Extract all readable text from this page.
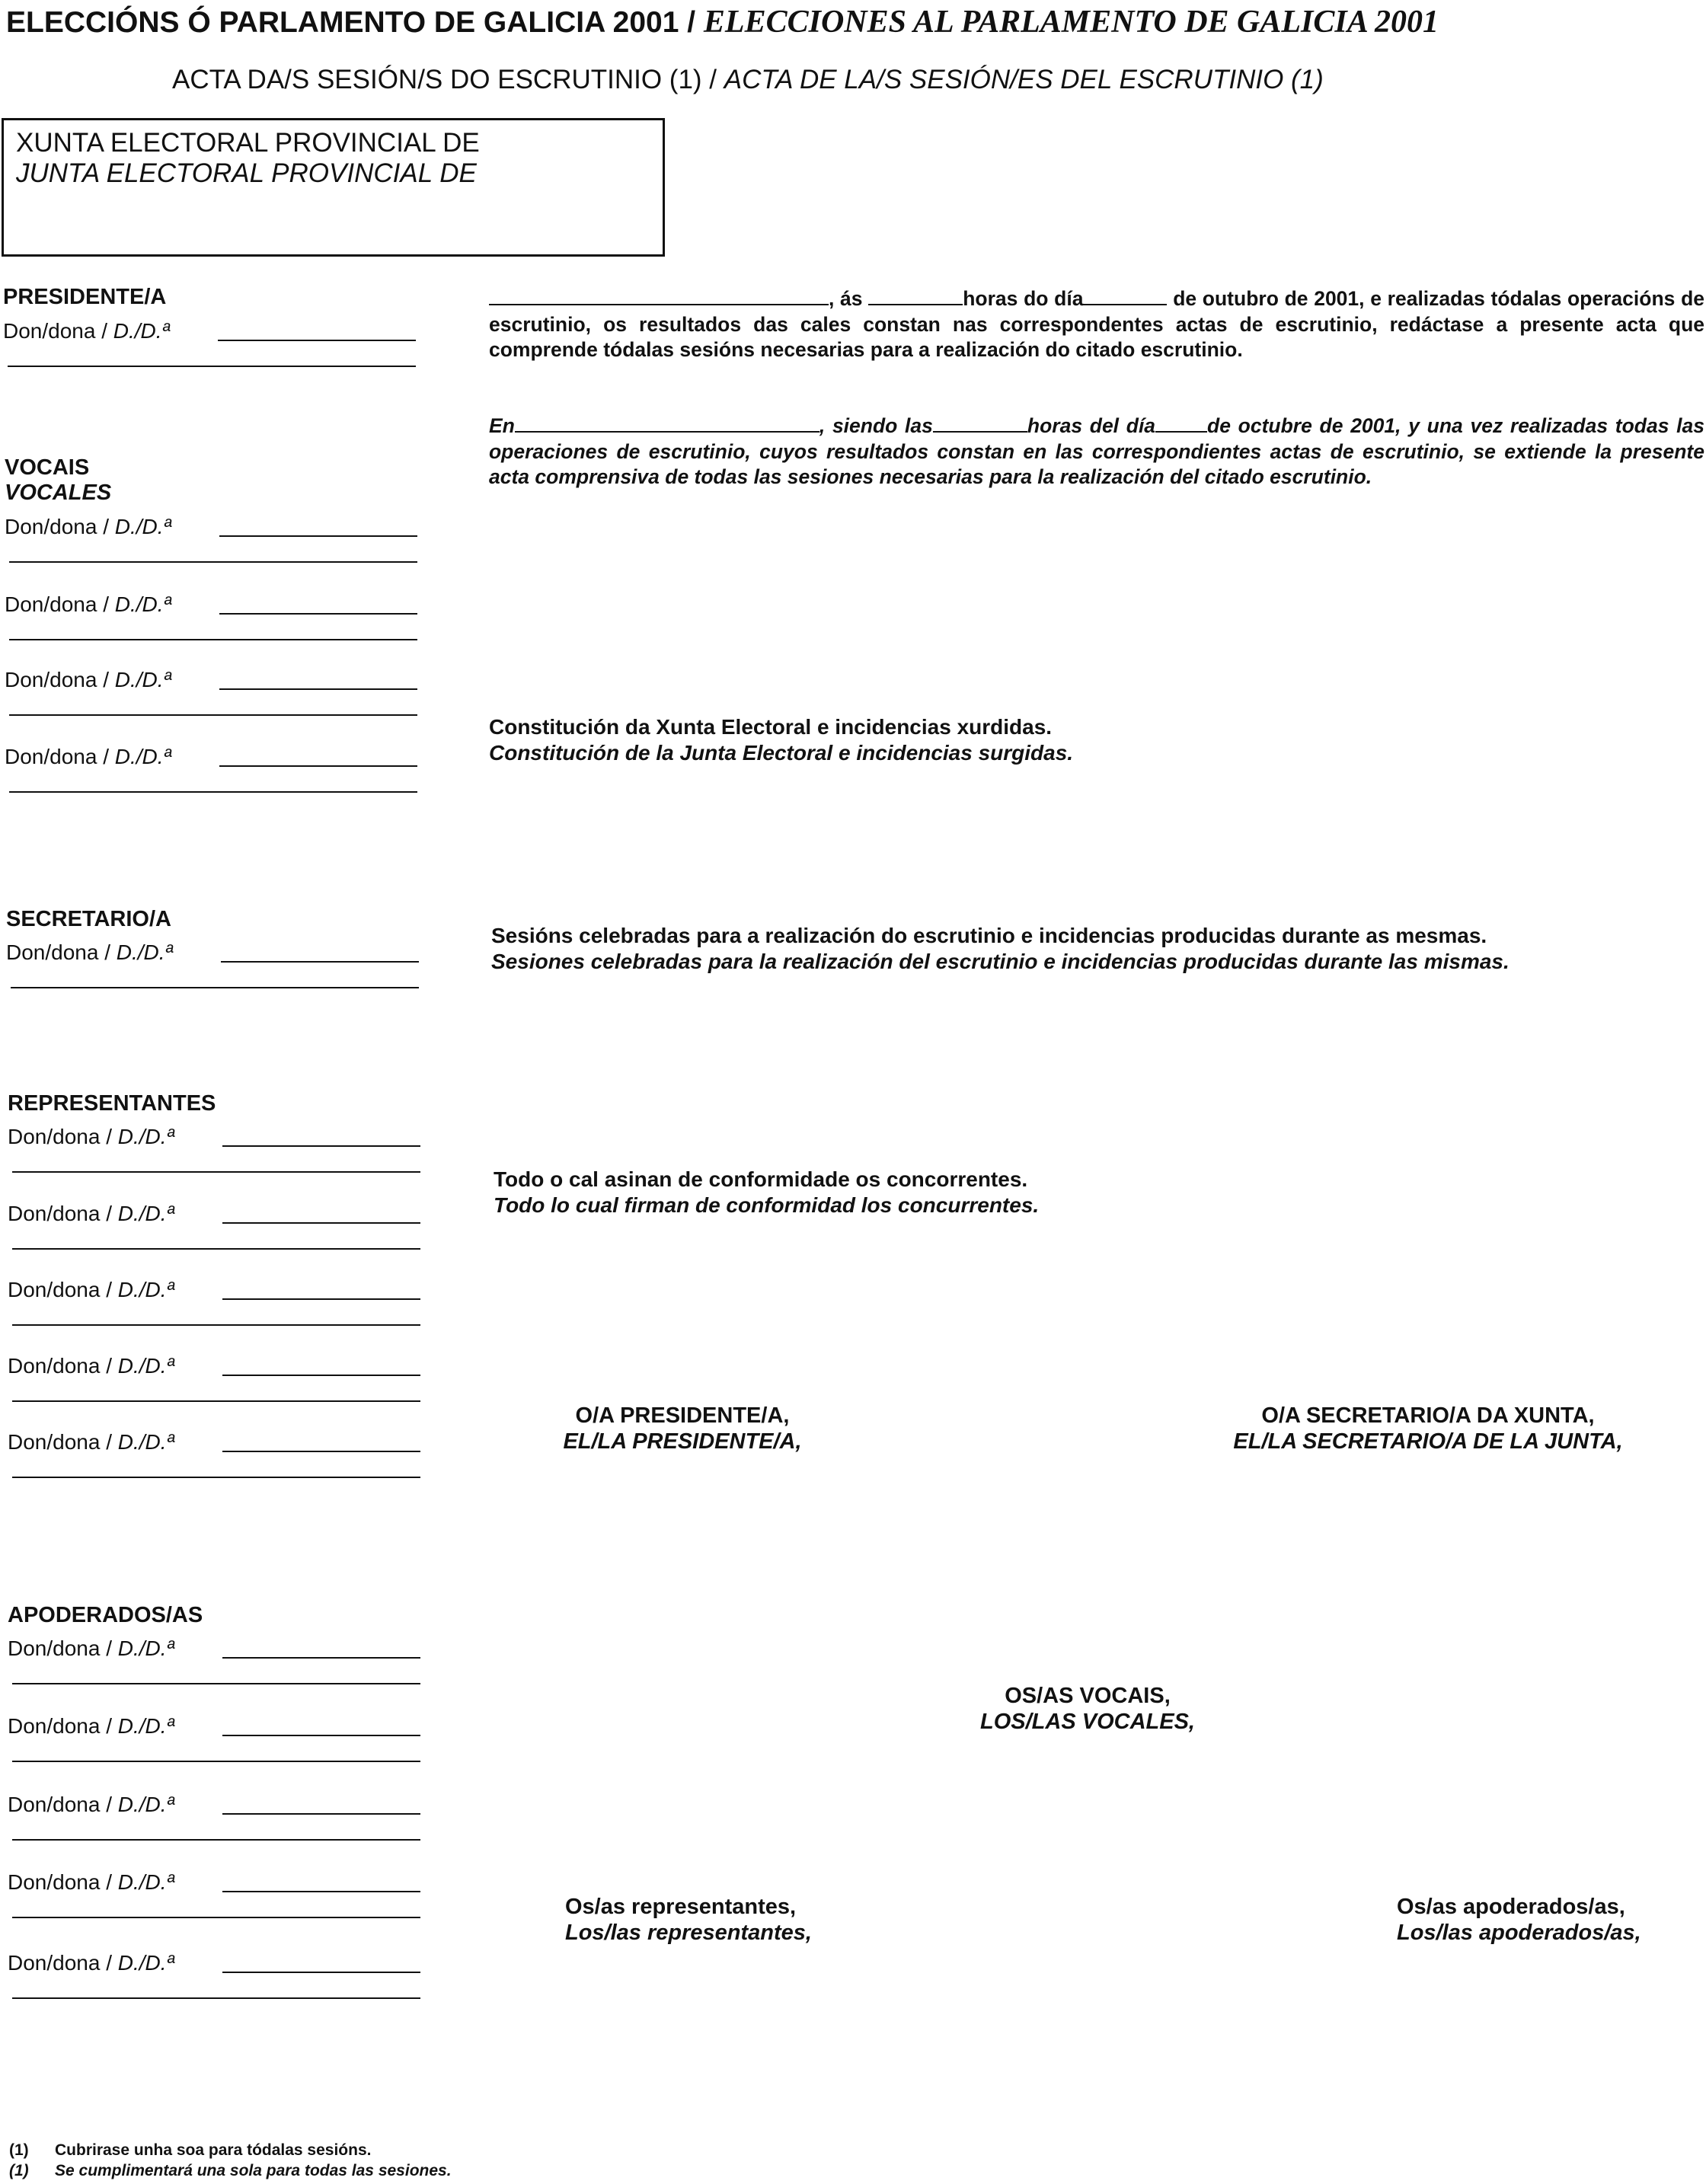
ELECCIÓNS Ó PARLAMENTO DE GALICIA 2001 / ELECCIONES AL PARLAMENTO DE GALICIA 2001
ACTA DA/S SESIÓN/S DO ESCRUTINIO (1) / ACTA DE LA/S SESIÓN/ES DEL ESCRUTINIO (1)
XUNTA ELECTORAL PROVINCIAL DE
JUNTA ELECTORAL PROVINCIAL DE
PRESIDENTE/A
Don/dona / D./D.ª
VOCAIS
VOCALES
Don/dona / D./D.ª
Don/dona / D./D.ª
Don/dona / D./D.ª
Don/dona / D./D.ª
SECRETARIO/A
Don/dona / D./D.ª
REPRESENTANTES
Don/dona / D./D.ª
Don/dona / D./D.ª
Don/dona / D./D.ª
Don/dona / D./D.ª
Don/dona / D./D.ª
APODERADOS/AS
Don/dona / D./D.ª
Don/dona / D./D.ª
Don/dona / D./D.ª
Don/dona / D./D.ª
Don/dona / D./D.ª
, ás	horas do día	de outubro de 2001, e realizadas tódalas operacións de escrutinio, os resultados das cales constan nas correspondentes actas de escrutinio, redáctase a presente acta que comprende tódalas sesións necesarias para a realización do citado escrutinio.
En	, siendo las	horas del día	de octubre de 2001, y una vez realizadas todas las operaciones de escrutinio, cuyos resultados constan en las correspondientes actas de escrutinio, se extiende la presente acta comprensiva de todas las sesiones necesarias para la realización del citado escrutinio.
Constitución da Xunta Electoral e incidencias xurdidas.
Constitución de la Junta Electoral e incidencias surgidas.
Sesións celebradas para a realización do escrutinio e incidencias producidas durante as mesmas.
Sesiones celebradas para la realización del escrutinio e incidencias producidas durante las mismas.
Todo o cal asinan de conformidade os concorrentes.
Todo lo cual firman de conformidad los concurrentes.
O/A PRESIDENTE/A,
EL/LA PRESIDENTE/A,
O/A SECRETARIO/A DA XUNTA,
EL/LA SECRETARIO/A DE LA JUNTA,
OS/AS VOCAIS,
LOS/LAS VOCALES,
Os/as representantes,
Los/las representantes,
Os/as apoderados/as,
Los/las apoderados/as,
(1) Cubrirase unha soa para tódalas sesións.
(1) Se cumplimentará una sola para todas las sesiones.
